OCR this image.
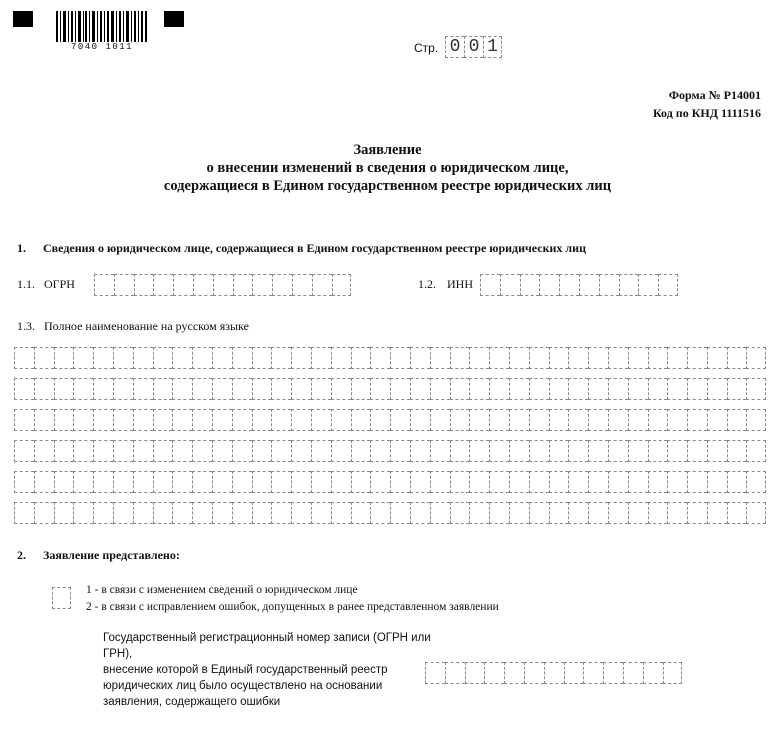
7040 1011	Стр. 0 0 1
Форма № Р14001
Код по КНД 1111516
Заявление
о внесении изменений в сведения о юридическом лице,
содержащиеся в Едином государственном реестре юридических лиц
1. Сведения о юридическом лице, содержащиеся в Едином государственном реестре юридических лиц
1.1. ОГРН	1.2. ИНН
1.3. Полное наименование на русском языке
2. Заявление представлено:
1 - в связи с изменением сведений о юридическом лице
2 - в связи с исправлением ошибок, допущенных в ранее представленном заявлении
Государственный регистрационный номер записи (ОГРН или ГРН),
внесение которой в Единый государственный реестр
юридических лиц было осуществлено на основании
заявления, содержащего ошибки
